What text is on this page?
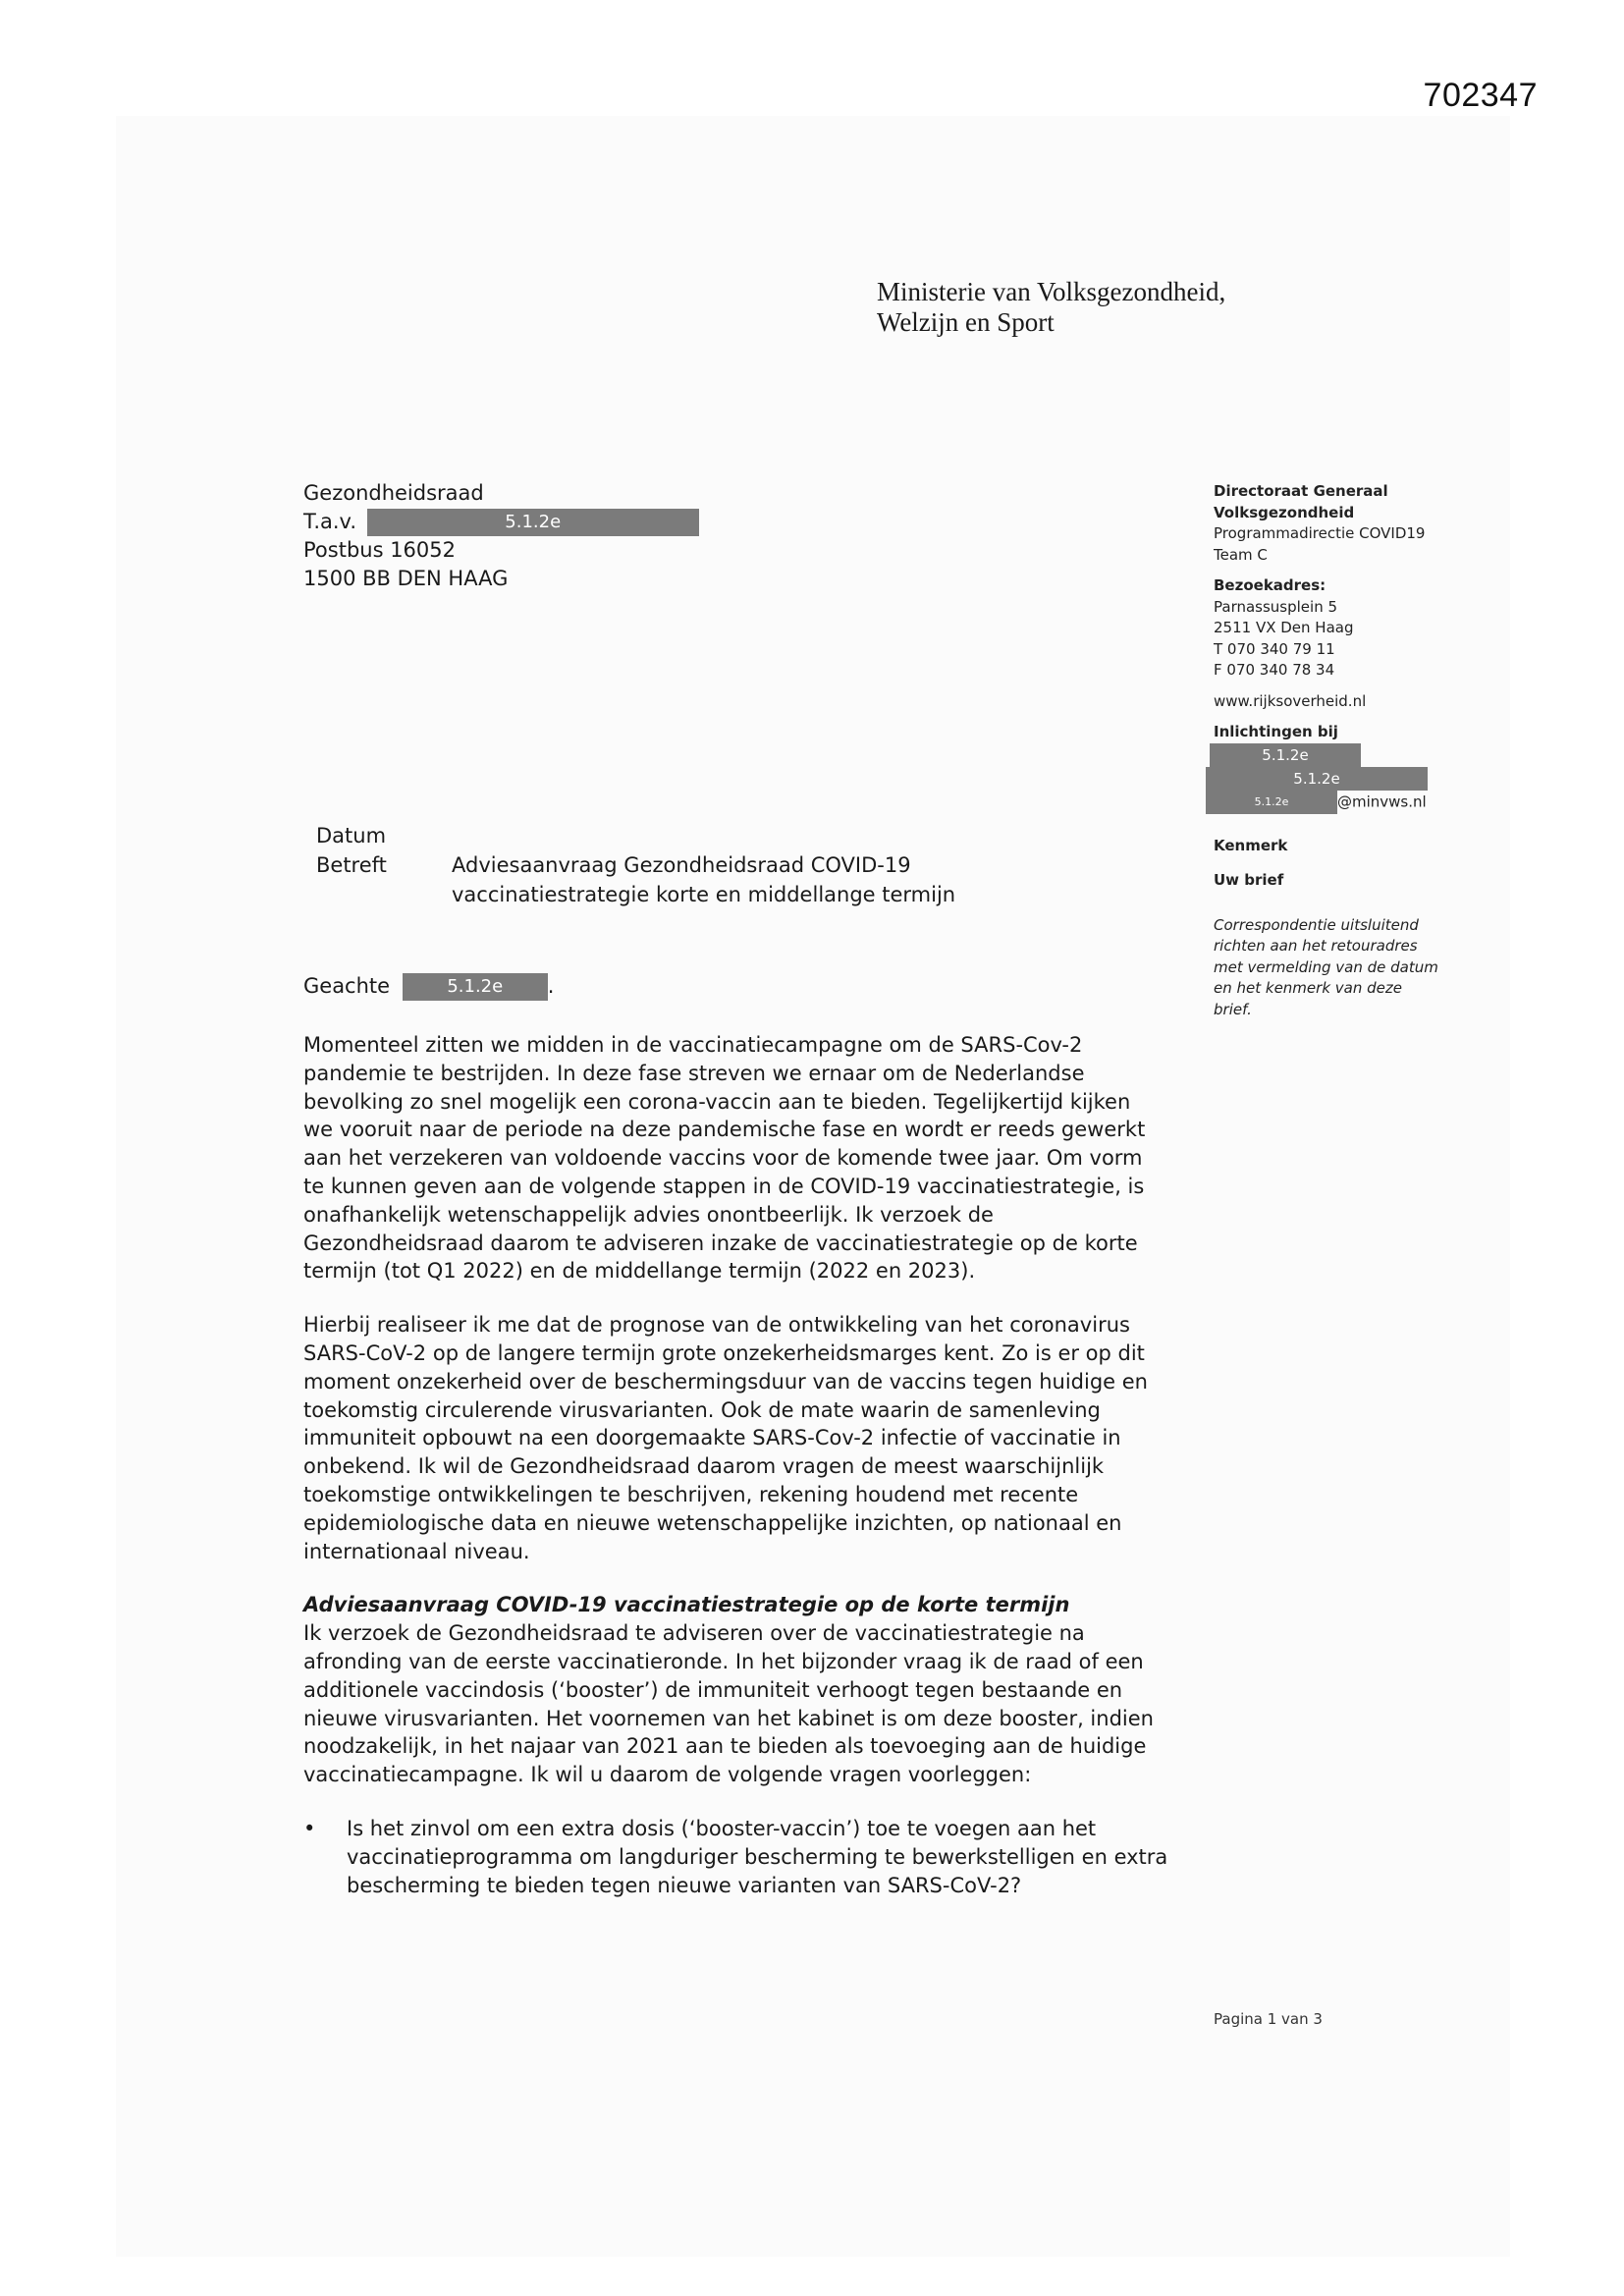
702347
Ministerie van Volksgezondheid,
Welzijn en Sport
Gezondheidsraad
T.a.v.	5.1.2e
Postbus 16052
1500 BB DEN HAAG
Directoraat Generaal
Volksgezondheid
Programmadirectie COVID19
Team C
Bezoekadres:
Parnassusplein 5
2511 VX Den Haag
T 070 340 79 11
F 070 340 78 34
www.rijksoverheid.nl
Inlichtingen bij
5.1.2e
5.1.2e
5.1.2e	@minvws.nl
Kenmerk
Uw brief
Correspondentie uitsluitend
richten aan het retouradres
met vermelding van de datum
en het kenmerk van deze
brief.
Datum
Betreft	Adviesaanvraag Gezondheidsraad COVID-19
vaccinatiestrategie korte en middellange termijn
Geachte	5.1.2e .

Momenteel zitten we midden in de vaccinatiecampagne om de SARS-Cov-2
pandemie te bestrijden. In deze fase streven we ernaar om de Nederlandse
bevolking zo snel mogelijk een corona-vaccin aan te bieden. Tegelijkertijd kijken
we vooruit naar de periode na deze pandemische fase en wordt er reeds gewerkt
aan het verzekeren van voldoende vaccins voor de komende twee jaar. Om vorm
te kunnen geven aan de volgende stappen in de COVID-19 vaccinatiestrategie, is
onafhankelijk wetenschappelijk advies onontbeerlijk. Ik verzoek de
Gezondheidsraad daarom te adviseren inzake de vaccinatiestrategie op de korte
termijn (tot Q1 2022) en de middellange termijn (2022 en 2023).

Hierbij realiseer ik me dat de prognose van de ontwikkeling van het coronavirus
SARS-CoV-2 op de langere termijn grote onzekerheidsmarges kent. Zo is er op dit
moment onzekerheid over de beschermingsduur van de vaccins tegen huidige en
toekomstig circulerende virusvarianten. Ook de mate waarin de samenleving
immuniteit opbouwt na een doorgemaakte SARS-Cov-2 infectie of vaccinatie in
onbekend. Ik wil de Gezondheidsraad daarom vragen de meest waarschijnlijk
toekomstige ontwikkelingen te beschrijven, rekening houdend met recente
epidemiologische data en nieuwe wetenschappelijke inzichten, op nationaal en
internationaal niveau.

Adviesaanvraag COVID-19 vaccinatiestrategie op de korte termijn

Ik verzoek de Gezondheidsraad te adviseren over de vaccinatiestrategie na
afronding van de eerste vaccinatieronde. In het bijzonder vraag ik de raad of een
additionele vaccindosis (‘booster’) de immuniteit verhoogt tegen bestaande en
nieuwe virusvarianten. Het voornemen van het kabinet is om deze booster, indien
noodzakelijk, in het najaar van 2021 aan te bieden als toevoeging aan de huidige
vaccinatiecampagne. Ik wil u daarom de volgende vragen voorleggen:

•	Is het zinvol om een extra dosis (‘booster-vaccin’) toe te voegen aan het
vaccinatieprogramma om langduriger bescherming te bewerkstelligen en extra
bescherming te bieden tegen nieuwe varianten van SARS-CoV-2?
Pagina 1 van 3
